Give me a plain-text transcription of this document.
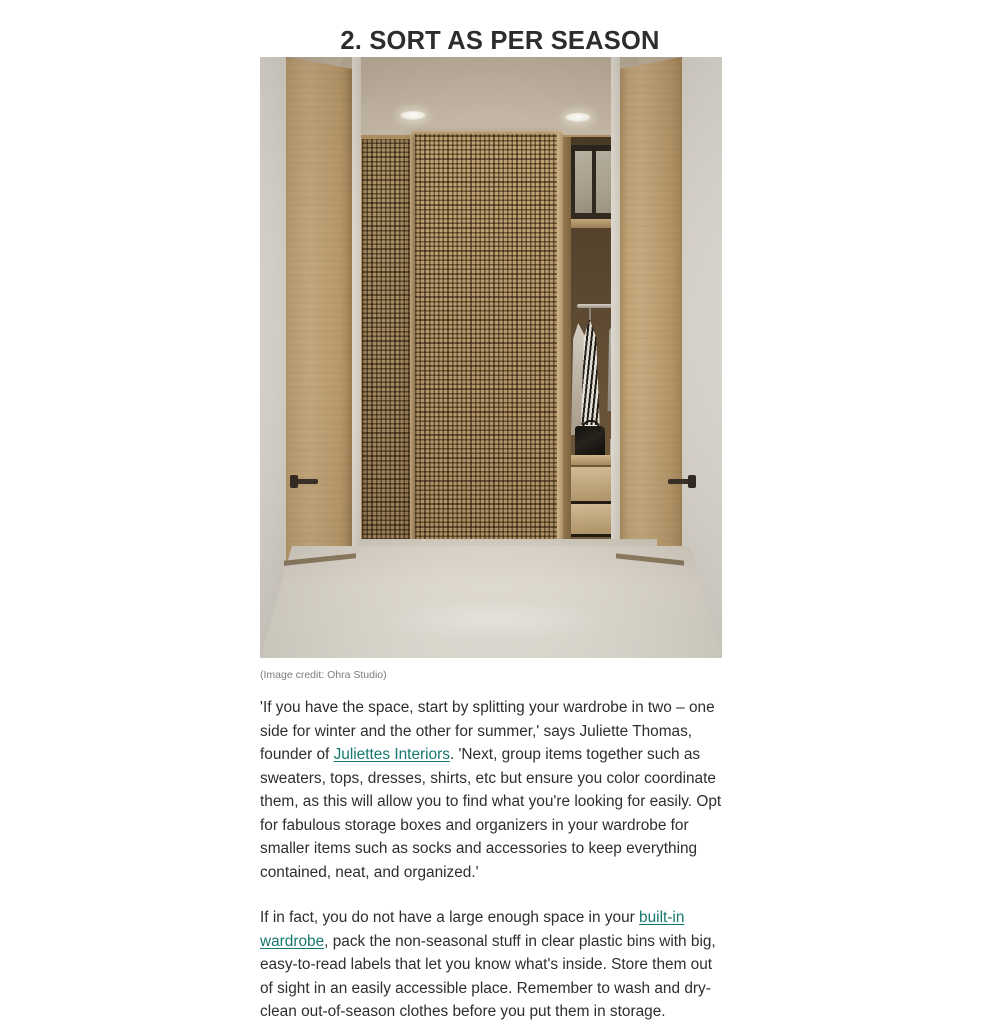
2. SORT AS PER SEASON
(Image credit: Ohra Studio)

'If you have the space, start by splitting your wardrobe in two – one side for winter and the other for summer,' says Juliette Thomas, founder of Juliettes Interiors. 'Next, group items together such as sweaters, tops, dresses, shirts, etc but ensure you color coordinate them, as this will allow you to find what you're looking for easily. Opt for fabulous storage boxes and organizers in your wardrobe for smaller items such as socks and accessories to keep everything contained, neat, and organized.'

If in fact, you do not have a large enough space in your built-in wardrobe, pack the non-seasonal stuff in clear plastic bins with big, easy-to-read labels that let you know what's inside. Store them out of sight in an easily accessible place. Remember to wash and dry-clean out-of-season clothes before you put them in storage.
